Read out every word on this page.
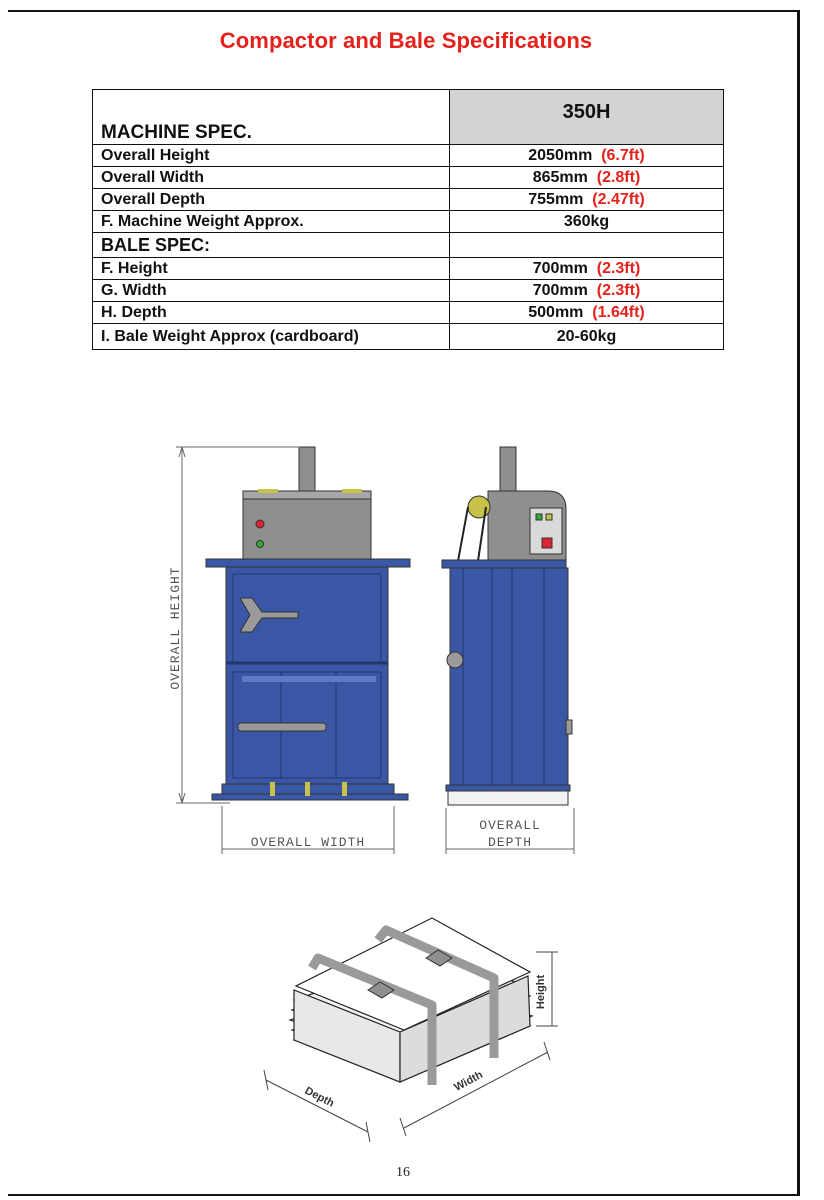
Compactor and Bale Specifications
MACHINE SPEC.	350H
Overall Height	2050mm (6.7ft)
Overall Width	865mm (2.8ft)
Overall Depth	755mm (2.47ft)
F. Machine Weight Approx.	360kg
BALE SPEC:	
F. Height	700mm (2.3ft)
G. Width	700mm (2.3ft)
H. Depth	500mm (1.64ft)
I. Bale Weight Approx (cardboard)	20-60kg
OVERALL HEIGHT
OVERALL WIDTH
OVERALL
DEPTH
Height
Depth
Width
16
